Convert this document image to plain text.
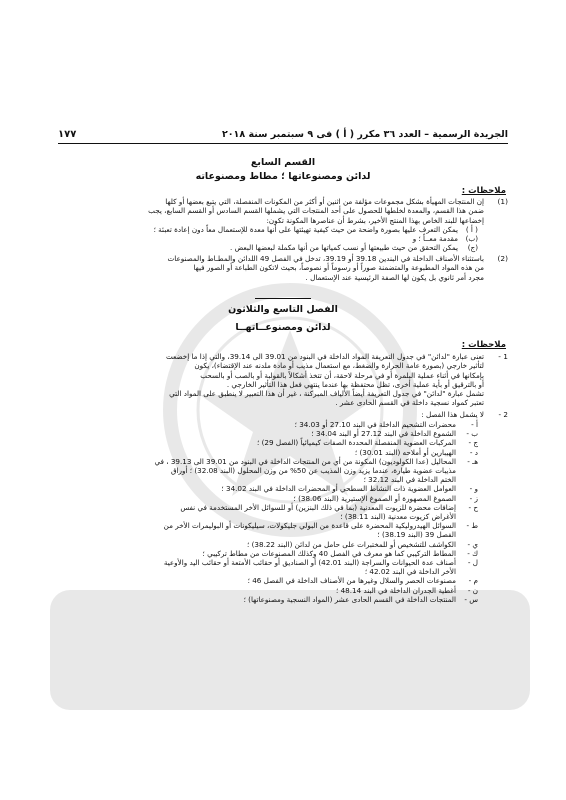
الجريدة الرسمية – العدد ٣٦ مكرر ( أ ) فى ٩ سبتمبر سنة ٢٠١٨
١٧٧
القسم السابع
لدائن ومصنوعاتها ؛ مطاط ومصنوعاته
ملاحظات :
(1)
إن المنتجات المهيأة بشكل مجموعات مؤلفة من اثنين أو أكثر من المكونات المنفصلة، التي يتبع بعضها أو كلها
ضمن هذا القسم، والمعدة لخلطها للحصول على أحد المنتجات التي يشملها القسم السادس أو القسم السابع، يجب
إخضاعها للبند الخاص بهذا المنتج الأخير، بشرط أن عناصرها المكونة تكون:
( أ )
يمكن التعرف عليها بصورة واضحة من حيث كيفية تهيئتها على أنها معدة للإستعمال معاً دون إعادة تعبئة ؛
(ب)
مقدمة معــاً ؛ و
(ج)
يمكن التحقق من حيث طبيعتها أو نسب كمياتها من أنها مكملة لبعضها البعض .
(2)
باستثناء الأصناف الداخلة في البندين 39.18 أو 39.19، تدخل في الفصل 49 اللدائن والمطـاط والمصنوعات
من هذه المواد المطبوعة والمتضمنة صوراً أو رسوماً أو نصوصاً، بحيث لاتكون الطباعة أو الصور فيها
مجرد أمر ثانوي بل يكون لها الصفة الرئيسية عند الإستعمال .
الفصل التاسع والثلاثون
لدائن ومصنوعــاتهــا
ملاحظات :
1 -
تعنى عبارة "لدائن" في جدول التعريفة المواد الداخلة في البنود من 39.01 الى 39.14، والتي إذا ما إخضعت
لتأثير خارجي (بصورة عامة الحرارة والضغط، مع استعمال مذيب أو مادة ملدنه عند الإقتضاء)، يكون
بإمكانها في أثناء عملية البلمرة أو في مرحلة لاحقة، أن تتخذ أشكالاً بالقولبة أو بالصب أو بالسحب
أو بالترقيق أو بأية عملية أخرى، تظل محتفظة بها عندما ينتهي فعل هذا التأثير الخارجي .
تشمل عبارة "لدائن" في جدول التعريفة أيضاً الألياف المبركنة ، غير أن هذا التعبير لا ينطبق على المواد التي
تعتبر كمواد نسجية داخلة في القسم الحادى عشر .
2 -
لا يشمل هذا الفصل :
أ -
محضرات التشحيم الداخلة في البند 27.10 أو 34.03 ؛
ب -
الشموع الداخلة في البند 27.12 أو البند 34.04 ؛
ج -
المركبات العضوية المنفصلة المحددة الصفات كيميائياً (الفصل 29) ؛
د -
الهيبارين أو أملاحه (البند 30.01) ؛
هـ -
المحاليل (عدا الكولوديون) المكونة من أي من المنتجات الداخلة في البنود من 39.01 الى 39.13 ، في
مذيبات عضوية طيارة، عندما يزيد وزن المذيب عن 50% من وزن المحلول (البند 32.08) ؛ أوراق
الختم الداخلة في البند 32.12 ؛
و -
العوامل العضوية ذات النشاط السطحي أو المحضرات الداخلة في البند 34.02 ؛
ز -
الصموغ المصهورة أو الصموغ الإستيرية (البند 38.06) ؛
ح -
إضافات محضرة للزيوت المعدنية (بما في ذلك البنزين) أو للسوائل الأخر المستخدمة في نفس
الأغراض كزيوت معدنية (البند 38.11) ؛
ط -
السوائل الهيدروليكية المحضرة على قاعدة من البولي جليكولات، سيليكونات أو البوليمرات الأخر من
الفصل 39 (البند 38.19) ؛
ي -
الكواشف للتشخيص أو للمختبرات على حامل من لدائن (البند 38.22) ؛
ك -
المطاط التركيبي كما هو معرف في الفصل 40 وكذلك المصنوعات من مطاط تركيبي ؛
ل -
أصناف عدة الحيوانات والسراجة (البند 42.01) أو الصناديق أو حقائب الأمتعة أو حقائب اليد والأوعية
الأخر الداخلة في البند 42.02 ؛
م -
مصنوعات الحصر والسلال وغيرها من الأصناف الداخلة في الفصل 46 ؛
ن -
أغطية الجدران الداخلة في البند 48.14 ؛
س -
المنتجات الداخلة في القسم الحادى عشر (المواد النسجية ومصنوعاتها) ؛
